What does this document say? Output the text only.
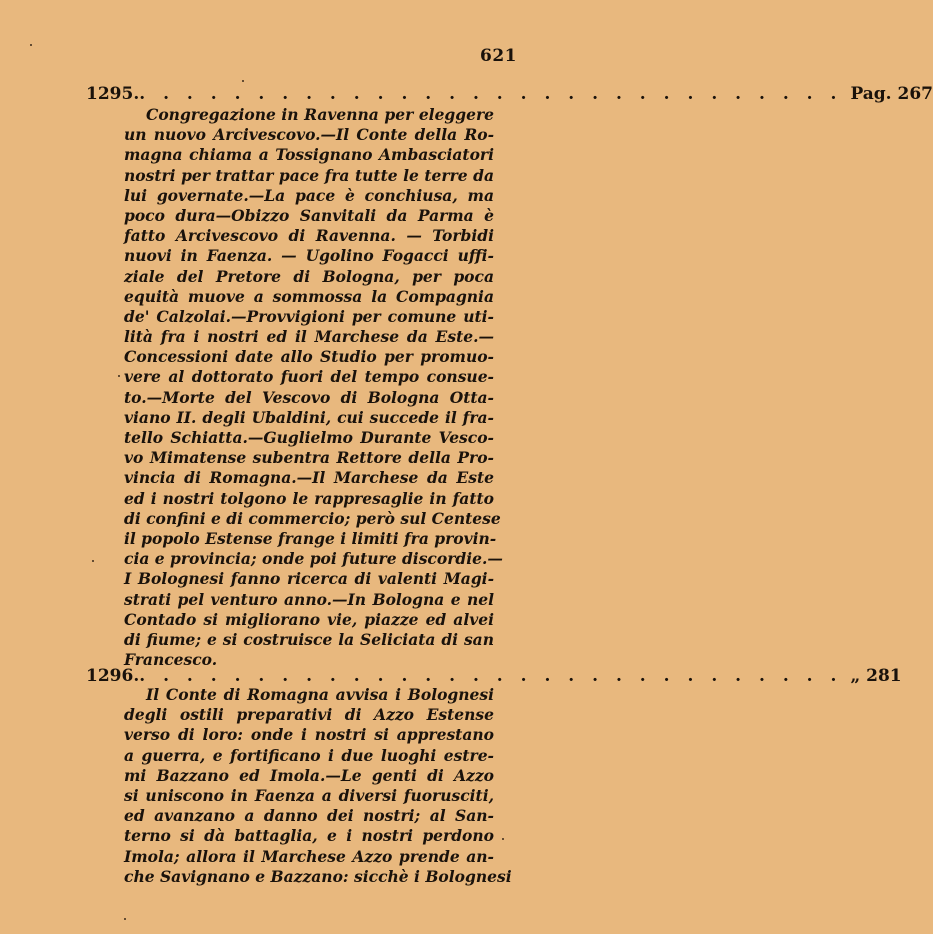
621
1295. . . . . . . . . . . . . . . . . . . . . . . . . . . . . . . Pag. 267
Congregazione in Ravenna per eleggere
un nuovo Arcivescovo.—Il Conte della Ro-
magna chiama a Tossignano Ambasciatori
nostri per trattar pace fra tutte le terre da
lui governate.—La pace è conchiusa, ma
poco dura—Obizzo Sanvitali da Parma è
fatto Arcivescovo di Ravenna. — Torbidi
nuovi in Faenza. — Ugolino Fogacci uffi-
ziale del Pretore di Bologna, per poca
equità muove a sommossa la Compagnia
de' Calzolai.—Provvigioni per comune uti-
lità fra i nostri ed il Marchese da Este.—
Concessioni date allo Studio per promuo-
vere al dottorato fuori del tempo consue-
to.—Morte del Vescovo di Bologna Otta-
viano II. degli Ubaldini, cui succede il fra-
tello Schiatta.—Guglielmo Durante Vesco-
vo Mimatense subentra Rettore della Pro-
vincia di Romagna.—Il Marchese da Este
ed i nostri tolgono le rappresaglie in fatto
di confini e di commercio; però sul Centese
il popolo Estense frange i limiti fra provin-
cia e provincia; onde poi future discordie.—
I Bolognesi fanno ricerca di valenti Magi-
strati pel venturo anno.—In Bologna e nel
Contado si migliorano vie, piazze ed alvei
di fiume; e si costruisce la Seliciata di san
Francesco.
1296. . . . . . . . . . . . . . . . . . . . . . . . . . . . . . . „ 281
Il Conte di Romagna avvisa i Bolognesi
degli ostili preparativi di Azzo Estense
verso di loro: onde i nostri si apprestano
a guerra, e fortificano i due luoghi estre-
mi Bazzano ed Imola.—Le genti di Azzo
si uniscono in Faenza a diversi fuorusciti,
ed avanzano a danno dei nostri; al San-
terno si dà battaglia, e i nostri perdono
Imola; allora il Marchese Azzo prende an-
che Savignano e Bazzano: sicchè i Bolognesi
